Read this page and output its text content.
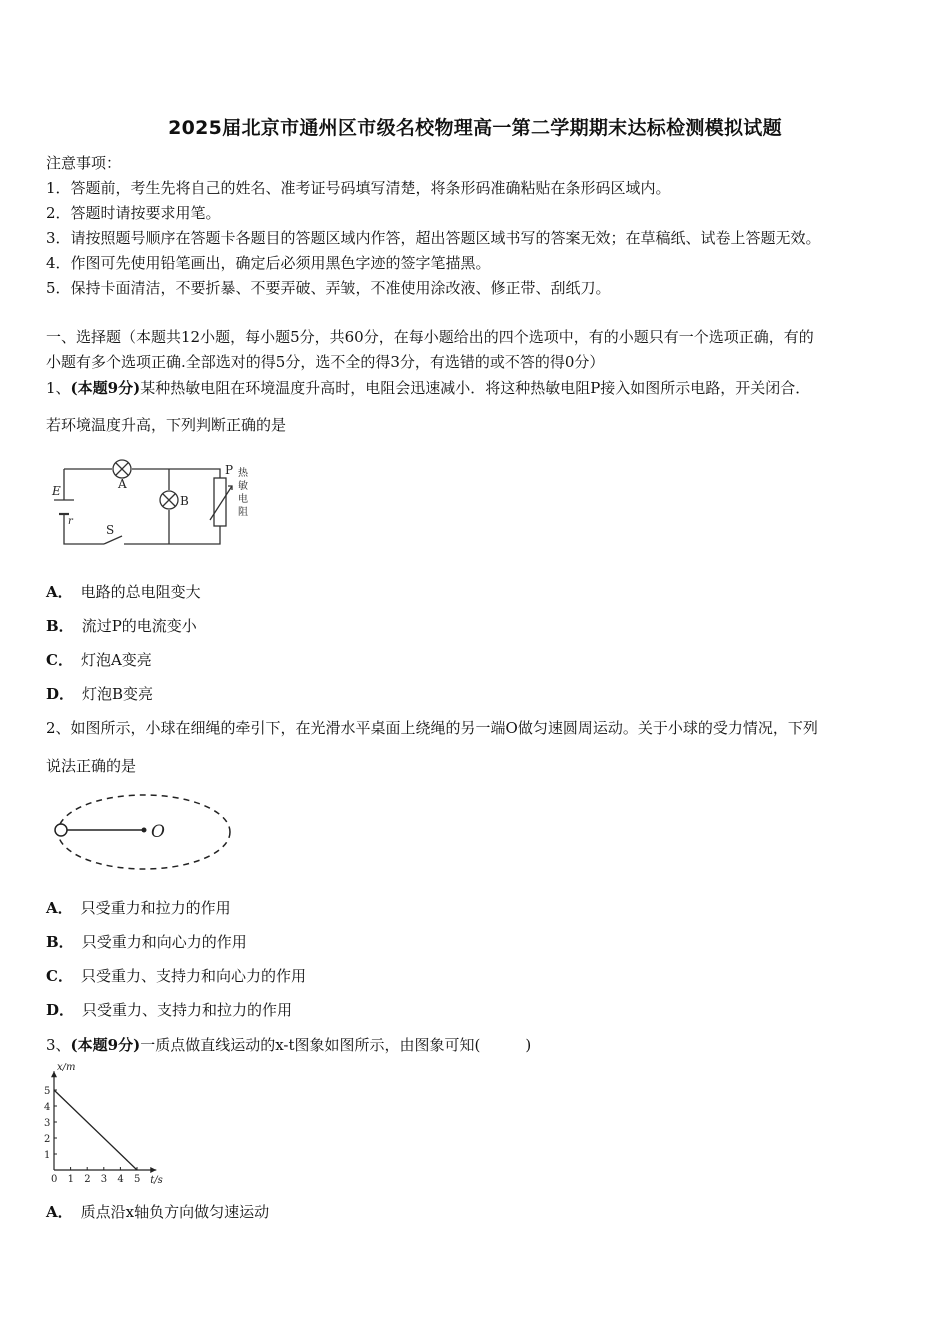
2025届北京市通州区市级名校物理高一第二学期期末达标检测模拟试题
注意事项：
1．答题前，考生先将自己的姓名、准考证号码填写清楚，将条形码准确粘贴在条形码区域内。
2．答题时请按要求用笔。
3．请按照题号顺序在答题卡各题目的答题区域内作答，超出答题区域书写的答案无效；在草稿纸、试卷上答题无效。
4．作图可先使用铅笔画出，确定后必须用黑色字迹的签字笔描黑。
5．保持卡面清洁，不要折暴、不要弄破、弄皱，不准使用涂改液、修正带、刮纸刀。
一、选择题（本题共12小题，每小题5分，共60分，在每小题给出的四个选项中，有的小题只有一个选项正确，有的
小题有多个选项正确.全部选对的得5分，选不全的得3分，有选错的或不答的得0分）
1、(本题9分)某种热敏电阻在环境温度升高时，电阻会迅速减小．将这种热敏电阻P接入如图所示电路，开关闭合．
若环境温度升高，下列判断正确的是
E
r
A
B
S
P 热
敏
电
阻
A． 电路的总电阻变大
B． 流过P的电流变小
C． 灯泡A变亮
D． 灯泡B变亮
2、如图所示，小球在细绳的牵引下，在光滑水平桌面上绕绳的另一端O做匀速圆周运动。关于小球的受力情况，下列
说法正确的是
O
A． 只受重力和拉力的作用
B． 只受重力和向心力的作用
C． 只受重力、支持力和向心力的作用
D． 只受重力、支持力和拉力的作用
3、(本题9分)一质点做直线运动的x-t图象如图所示，由图象可知(　　　)
0 1 2 3 4 5
1
2
3
4
5
x/m
t/s
A． 质点沿x轴负方向做匀速运动
